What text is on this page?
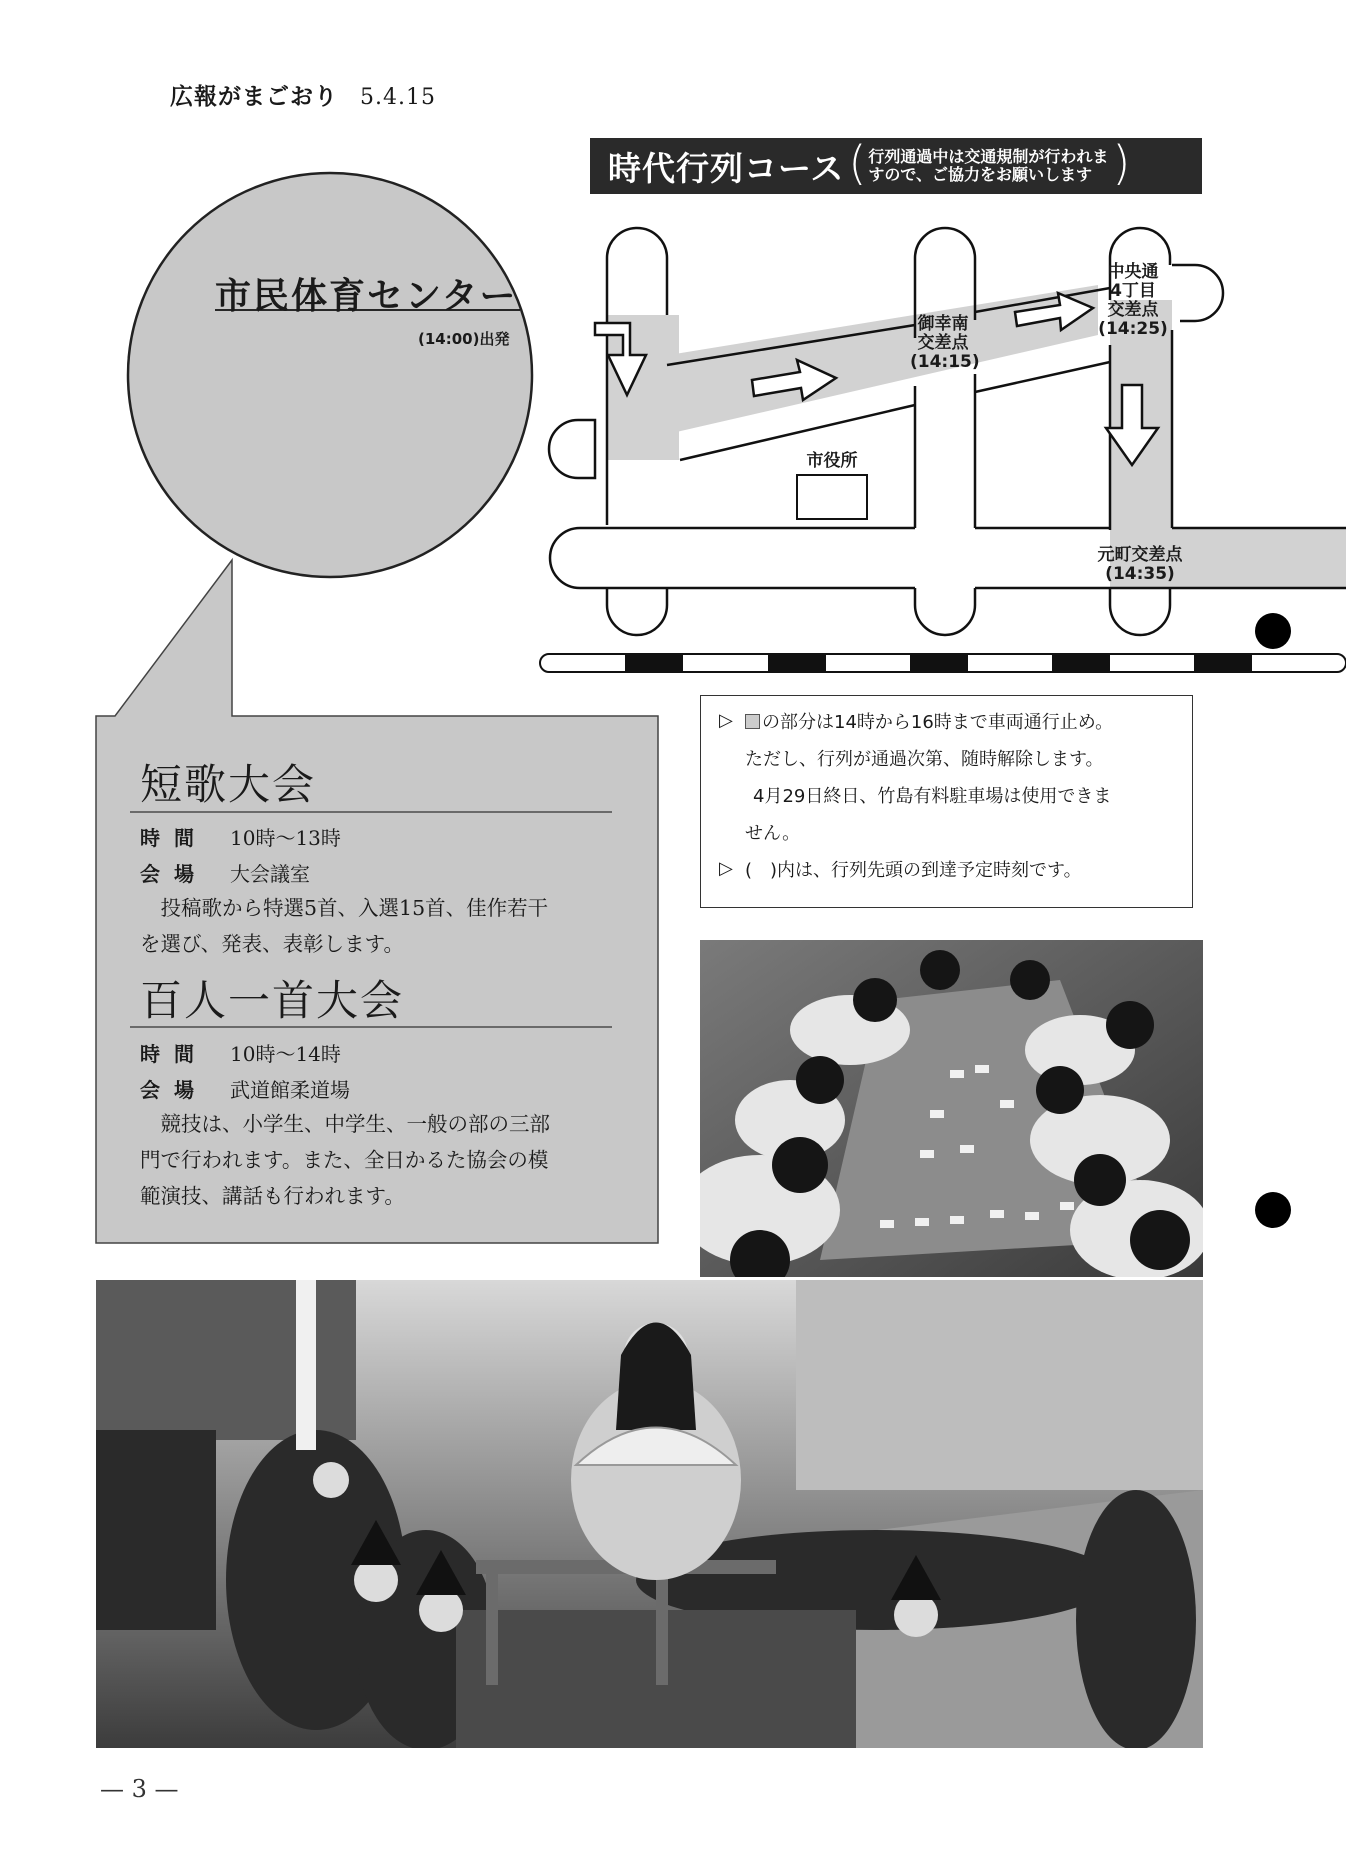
広報がまごおり 5.4.15
時代行列コース ( 行列通過中は交通規制が行われま
すので、ご協力をお願いします )
市民体育センター
(14:00)出発
御幸南
交差点
(14:15)
中央通
4丁目
交差点
(14:25)
元町交差点
(14:35)
市役所
▷	の部分は14時から16時まで車両通行止め。
ただし、行列が通過次第、随時解除します。
4月29日終日、竹島有料駐車場は使用できま
せん。

▷ (　)内は、行列先頭の到達予定時刻です。

短歌大会
時間 10時〜13時
会場 大会議室
投稿歌から特選5首、入選15首、佳作若干
を選び、発表、表彰します。
百人一首大会
時間 10時〜14時
会場 武道館柔道場
競技は、小学生、中学生、一般の部の三部
門で行われます。また、全日かるた協会の模
範演技、講話も行われます。
— 3 —
